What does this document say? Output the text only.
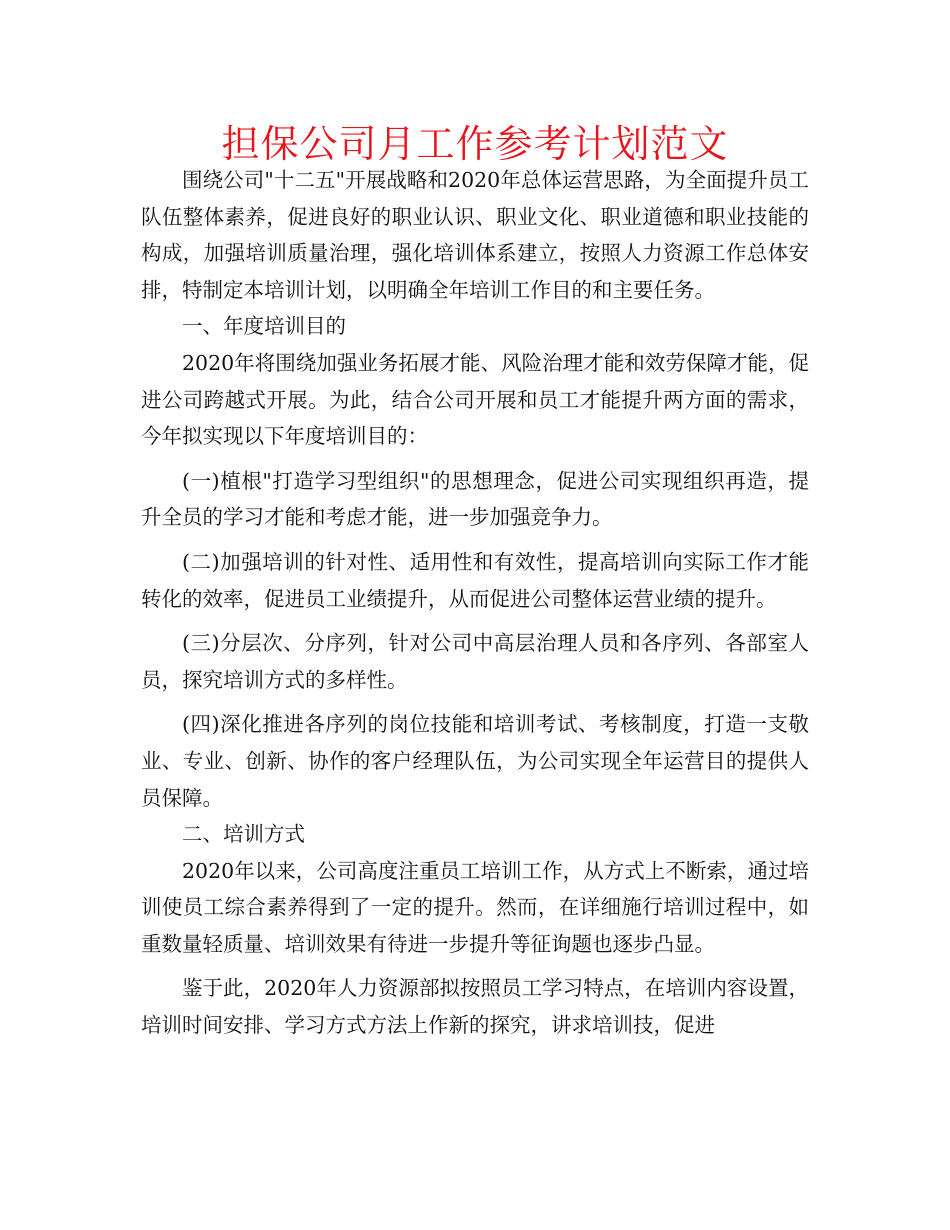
担保公司月工作参考计划范文

围绕公司"十二五"开展战略和2020年总体运营思路，为全面提升员工队伍整体素养，促进良好的职业认识、职业文化、职业道德和职业技能的构成，加强培训质量治理，强化培训体系建立，按照人力资源工作总体安排，特制定本培训计划，以明确全年培训工作目的和主要任务。

一、年度培训目的

2020年将围绕加强业务拓展才能、风险治理才能和效劳保障才能，促进公司跨越式开展。为此，结合公司开展和员工才能提升两方面的需求，今年拟实现以下年度培训目的：

(一)植根"打造学习型组织"的思想理念，促进公司实现组织再造，提升全员的学习才能和考虑才能，进一步加强竞争力。

(二)加强培训的针对性、适用性和有效性，提高培训向实际工作才能转化的效率，促进员工业绩提升，从而促进公司整体运营业绩的提升。

(三)分层次、分序列，针对公司中高层治理人员和各序列、各部室人员，探究培训方式的多样性。

(四)深化推进各序列的岗位技能和培训考试、考核制度，打造一支敬业、专业、创新、协作的客户经理队伍，为公司实现全年运营目的提供人员保障。

二、培训方式

2020年以来，公司高度注重员工培训工作，从方式上不断索，通过培训使员工综合素养得到了一定的提升。然而，在详细施行培训过程中，如重数量轻质量、培训效果有待进一步提升等征询题也逐步凸显。

鉴于此，2020年人力资源部拟按照员工学习特点，在培训内容设置，培训时间安排、学习方式方法上作新的探究，讲求培训技，促进
